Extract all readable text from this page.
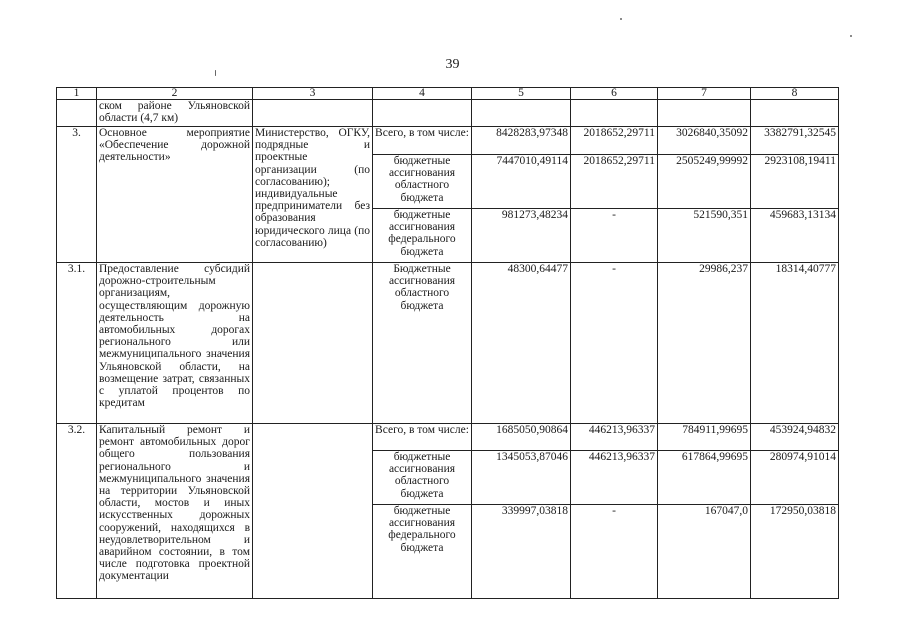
39
1	2	3	4	5	6	7	8
	ском районе Ульяновской области (4,7 км)						
3.	Основное мероприятие «Обеспечение дорожной деятельности»	Министерство, ОГКУ, подрядные и проектные организации (по согласованию); индивидуальные предприниматели без образования юридического лица (по согласованию)	Всего, в том числе:	8428283,97348	2018652,29711	3026840,35092	3382791,32545
			бюджетные ассигнования областного бюджета	7447010,49114	2018652,29711	2505249,99992	2923108,19411
			бюджетные ассигнования федерального бюджета	981273,48234	-	521590,351	459683,13134
3.1.	Предоставление субсидий дорожно-строительным организациям, осуществляющим дорожную деятельность на автомобильных дорогах регионального или межмуниципального значения Ульяновской области, на возмещение затрат, связанных с уплатой процентов по кредитам		Бюджетные ассигнования областного бюджета	48300,64477	-	29986,237	18314,40777
3.2.	Капитальный ремонт и ремонт автомобильных дорог общего пользования регионального и межмуниципального значения на территории Ульяновской области, мостов и иных искусственных дорожных сооружений, находящихся в неудовлетворительном и аварийном состоянии, в том числе подготовка проектной документации		Всего, в том числе:	1685050,90864	446213,96337	784911,99695	453924,94832
			бюджетные ассигнования областного бюджета	1345053,87046	446213,96337	617864,99695	280974,91014
			бюджетные ассигнования федерального бюджета	339997,03818	-	167047,0	172950,03818
